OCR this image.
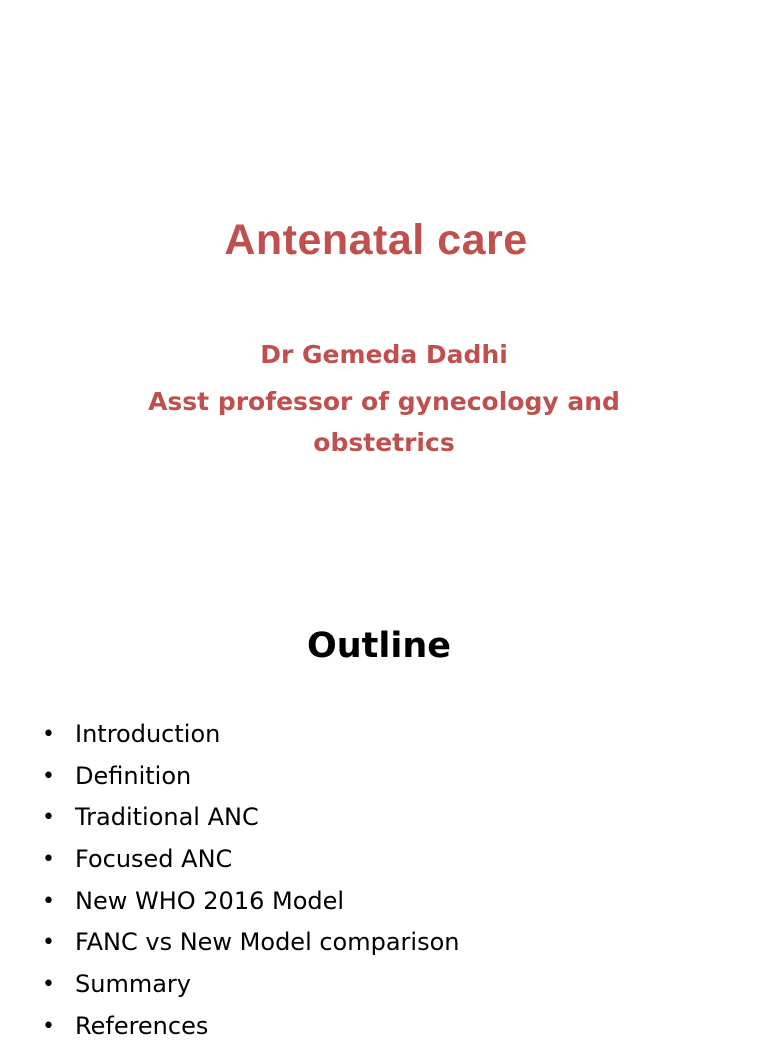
Antenatal care

Dr Gemeda Dadhi

Asst professor of gynecology and

obstetrics

Outline
• Introduction
• Definition
• Traditional ANC
• Focused ANC
• New WHO 2016 Model
• FANC vs New Model comparison
• Summary
• References
